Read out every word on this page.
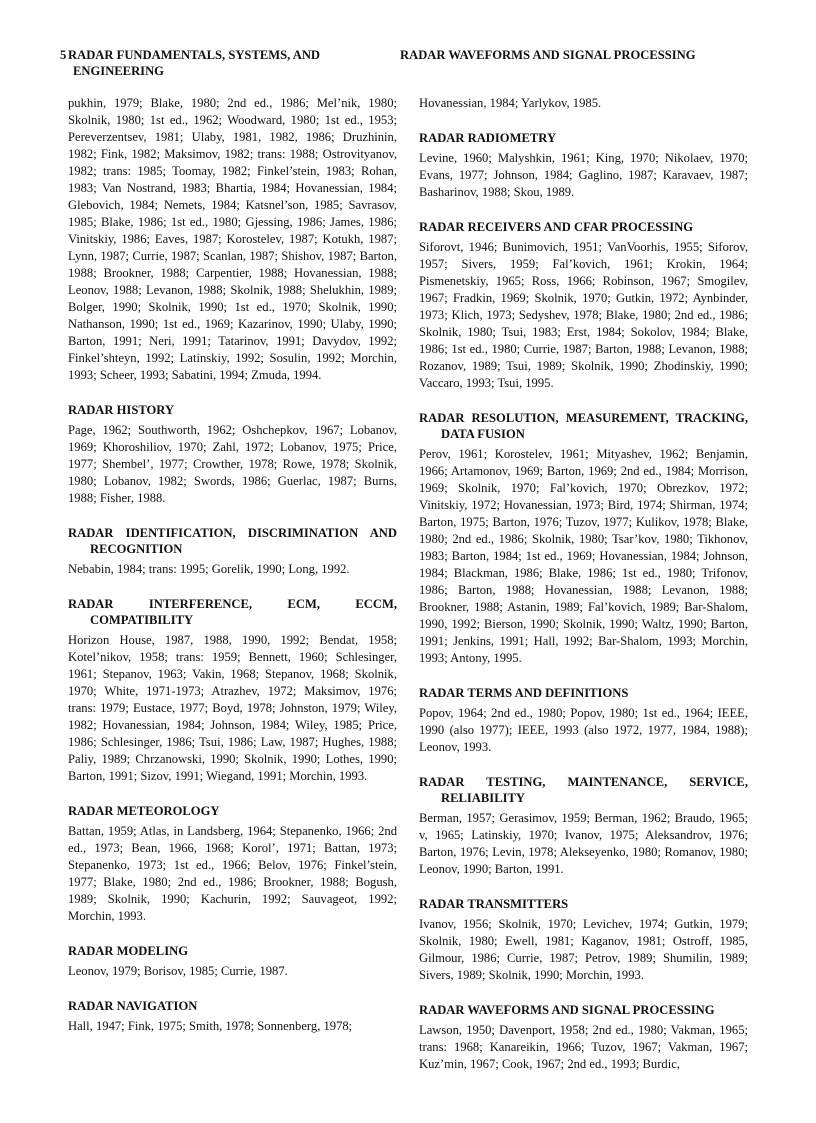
5 RADAR FUNDAMENTALS, SYSTEMS, AND
ENGINEERING
RADAR WAVEFORMS AND SIGNAL PROCESSING

pukhin, 1979; Blake, 1980; 2nd ed., 1986; Mel’nik, 1980; Skolnik, 1980; 1st ed., 1962; Woodward, 1980; 1st ed., 1953; Pereverzentsev, 1981; Ulaby, 1981, 1982, 1986; Druzhinin, 1982; Fink, 1982; Maksimov, 1982; trans: 1988; Ostrovityanov, 1982; trans: 1985; Toomay, 1982; Finkel’stein, 1983; Rohan, 1983; Van Nostrand, 1983; Bhartia, 1984; Hovanessian, 1984; Glebovich, 1984; Nemets, 1984; Katsnel’son, 1985; Savrasov, 1985; Blake, 1986; 1st ed., 1980; Gjessing, 1986; James, 1986; Vinitskiy, 1986; Eaves, 1987; Korostelev, 1987; Kotukh, 1987; Lynn, 1987; Currie, 1987; Scanlan, 1987; Shishov, 1987; Barton, 1988; Brookner, 1988; Carpentier, 1988; Hovanessian, 1988; Leonov, 1988; Levanon, 1988; Skolnik, 1988; Shelukhin, 1989; Bolger, 1990; Skolnik, 1990; 1st ed., 1970; Skolnik, 1990; Nathanson, 1990; 1st ed., 1969; Kazarinov, 1990; Ulaby, 1990; Barton, 1991; Neri, 1991; Tatarinov, 1991; Davydov, 1992; Finkel’shteyn, 1992; Latinskiy, 1992; Sosulin, 1992; Morchin, 1993; Scheer, 1993; Sabatini, 1994; Zmuda, 1994.

RADAR HISTORY

Page, 1962; Southworth, 1962; Oshchepkov, 1967; Lobanov, 1969; Khoroshiliov, 1970; Zahl, 1972; Lobanov, 1975; Price, 1977; Shembel’, 1977; Crowther, 1978; Rowe, 1978; Skolnik, 1980; Lobanov, 1982; Swords, 1986; Guerlac, 1987; Burns, 1988; Fisher, 1988.

RADAR IDENTIFICATION, DISCRIMINATION AND RECOGNITION

Nebabin, 1984; trans: 1995; Gorelik, 1990; Long, 1992.

RADAR INTERFERENCE, ECM, ECCM, COMPATIBILITY

Horizon House, 1987, 1988, 1990, 1992; Bendat, 1958; Kotel’nikov, 1958; trans: 1959; Bennett, 1960; Schlesinger, 1961; Stepanov, 1963; Vakin, 1968; Stepanov, 1968; Skolnik, 1970; White, 1971-1973; Atrazhev, 1972; Maksimov, 1976; trans: 1979; Eustace, 1977; Boyd, 1978; Johnston, 1979; Wiley, 1982; Hovanessian, 1984; Johnson, 1984; Wiley, 1985; Price, 1986; Schlesinger, 1986; Tsui, 1986; Law, 1987; Hughes, 1988; Paliy, 1989; Chrzanowski, 1990; Skolnik, 1990; Lothes, 1990; Barton, 1991; Sizov, 1991; Wiegand, 1991; Morchin, 1993.

RADAR METEOROLOGY

Battan, 1959; Atlas, in Landsberg, 1964; Stepanenko, 1966; 2nd ed., 1973; Bean, 1966, 1968; Korol’, 1971; Battan, 1973; Stepanenko, 1973; 1st ed., 1966; Belov, 1976; Finkel’stein, 1977; Blake, 1980; 2nd ed., 1986; Brookner, 1988; Bogush, 1989; Skolnik, 1990; Kachurin, 1992; Sauvageot, 1992; Morchin, 1993.

RADAR MODELING

Leonov, 1979; Borisov, 1985; Currie, 1987.

RADAR NAVIGATION

Hall, 1947; Fink, 1975; Smith, 1978; Sonnenberg, 1978;

Hovanessian, 1984; Yarlykov, 1985.

RADAR RADIOMETRY

Levine, 1960; Malyshkin, 1961; King, 1970; Nikolaev, 1970; Evans, 1977; Johnson, 1984; Gaglino, 1987; Karavaev, 1987; Basharinov, 1988; Skou, 1989.

RADAR RECEIVERS AND CFAR PROCESSING

Siforovt, 1946; Bunimovich, 1951; VanVoorhis, 1955; Siforov, 1957; Sivers, 1959; Fal’kovich, 1961; Krokin, 1964; Pismenetskiy, 1965; Ross, 1966; Robinson, 1967; Smogilev, 1967; Fradkin, 1969; Skolnik, 1970; Gutkin, 1972; Aynbinder, 1973; Klich, 1973; Sedyshev, 1978; Blake, 1980; 2nd ed., 1986; Skolnik, 1980; Tsui, 1983; Erst, 1984; Sokolov, 1984; Blake, 1986; 1st ed., 1980; Currie, 1987; Barton, 1988; Levanon, 1988; Rozanov, 1989; Tsui, 1989; Skolnik, 1990; Zhodinskiy, 1990; Vaccaro, 1993; Tsui, 1995.

RADAR RESOLUTION, MEASUREMENT, TRACKING, DATA FUSION

Perov, 1961; Korostelev, 1961; Mityashev, 1962; Benjamin, 1966; Artamonov, 1969; Barton, 1969; 2nd ed., 1984; Morrison, 1969; Skolnik, 1970; Fal’kovich, 1970; Obrezkov, 1972; Vinitskiy, 1972; Hovanessian, 1973; Bird, 1974; Shirman, 1974; Barton, 1975; Barton, 1976; Tuzov, 1977; Kulikov, 1978; Blake, 1980; 2nd ed., 1986; Skolnik, 1980; Tsar’kov, 1980; Tikhonov, 1983; Barton, 1984; 1st ed., 1969; Hovanessian, 1984; Johnson, 1984; Blackman, 1986; Blake, 1986; 1st ed., 1980; Trifonov, 1986; Barton, 1988; Hovanessian, 1988; Levanon, 1988; Brookner, 1988; Astanin, 1989; Fal’kovich, 1989; Bar-Shalom, 1990, 1992; Bierson, 1990; Skolnik, 1990; Waltz, 1990; Barton, 1991; Jenkins, 1991; Hall, 1992; Bar-Shalom, 1993; Morchin, 1993; Antony, 1995.

RADAR TERMS AND DEFINITIONS

Popov, 1964; 2nd ed., 1980; Popov, 1980; 1st ed., 1964; IEEE, 1990 (also 1977); IEEE, 1993 (also 1972, 1977, 1984, 1988); Leonov, 1993.

RADAR TESTING, MAINTENANCE, SERVICE, RELIABILITY

Berman, 1957; Gerasimov, 1959; Berman, 1962; Braudo, 1965; v, 1965; Latinskiy, 1970; Ivanov, 1975; Aleksandrov, 1976; Barton, 1976; Levin, 1978; Alekseyenko, 1980; Romanov, 1980; Leonov, 1990; Barton, 1991.

RADAR TRANSMITTERS

Ivanov, 1956; Skolnik, 1970; Levichev, 1974; Gutkin, 1979; Skolnik, 1980; Ewell, 1981; Kaganov, 1981; Ostroff, 1985, Gilmour, 1986; Currie, 1987; Petrov, 1989; Shumilin, 1989; Sivers, 1989; Skolnik, 1990; Morchin, 1993.

RADAR WAVEFORMS AND SIGNAL PROCESSING

Lawson, 1950; Davenport, 1958; 2nd ed., 1980; Vakman, 1965; trans: 1968; Kanareikin, 1966; Tuzov, 1967; Vakman, 1967; Kuz’min, 1967; Cook, 1967; 2nd ed., 1993; Burdic,
